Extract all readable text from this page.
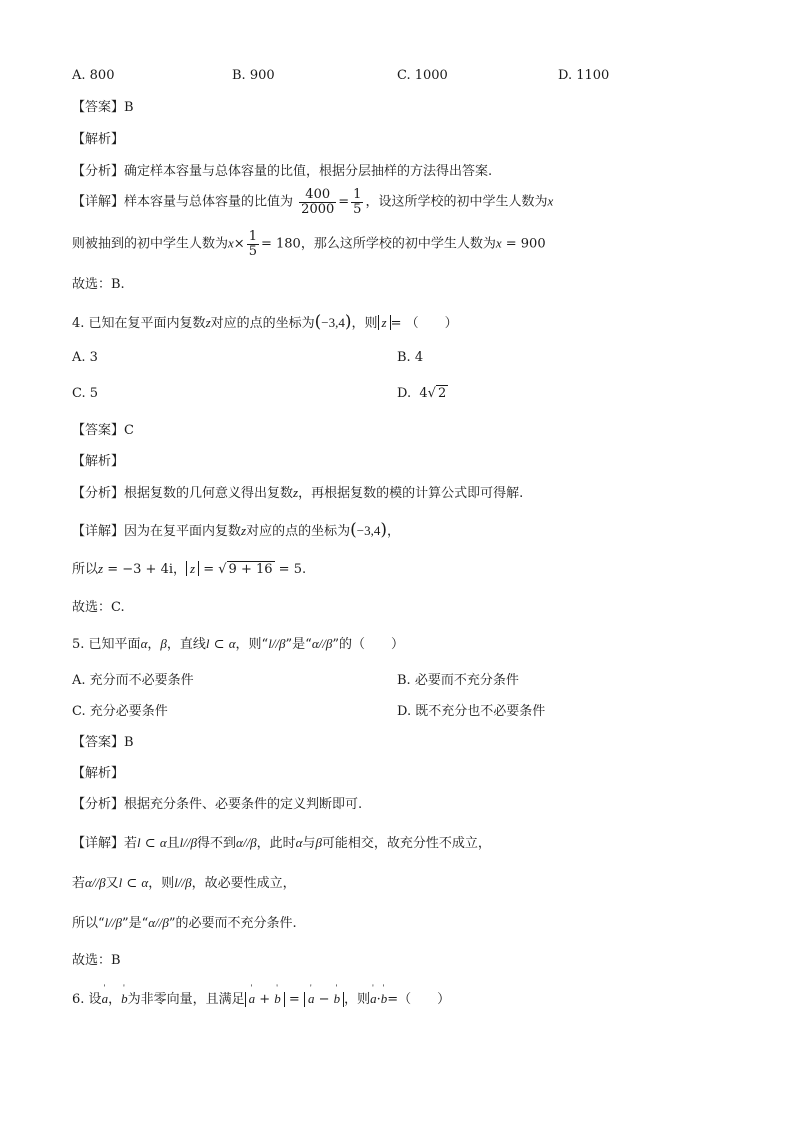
A. 800	B. 900	C. 1000	D. 1100
【答案】B
【解析】
【分析】确定样本容量与总体容量的比值，根据分层抽样的方法得出答案.
【详解】样本容量与总体容量的比值为 $\frac{400}{2000} = \frac{1}{5}$ ，设这所学校的初中学生人数为x
则被抽到的初中学生人数为$x\times \frac{1}{5} = 180$，那么这所学校的初中学生人数为x = 900
故选：B.
4. 已知在复平面内复数z对应的点的坐标为(−3,4)，则 z = （　　）
A. 3	B. 4
C. 5	D. 4√ 2
【答案】C
【解析】
【分析】根据复数的几何意义得出复数z，再根据复数的模的计算公式即可得解.
【详解】因为在复平面内复数z对应的点的坐标为(−3,4)，
所以z = −3 + 4i， z = √ 9 + 16 = 5.
故选：C.
5. 已知平面α，β，直线l ⊂ α，则“l//β”是“α//β”的（　　）
A. 充分而不必要条件	B. 必要而不充分条件
C. 充分必要条件	D. 既不充分也不必要条件
【答案】B
【解析】
【分析】根据充分条件、必要条件的定义判断即可.
【详解】若l ⊂ α且l//β得不到α//β，此时α与β可能相交，故充分性不成立，
若α//β又l ⊂ α，则l//β，故必要性成立，
所以“l//β”是“α//β”的必要而不充分条件.
故选：B
6. 设' a，' b为非零向量，且满足' a + ' b = ' a − ' b ，则' a·' b=（　　）
